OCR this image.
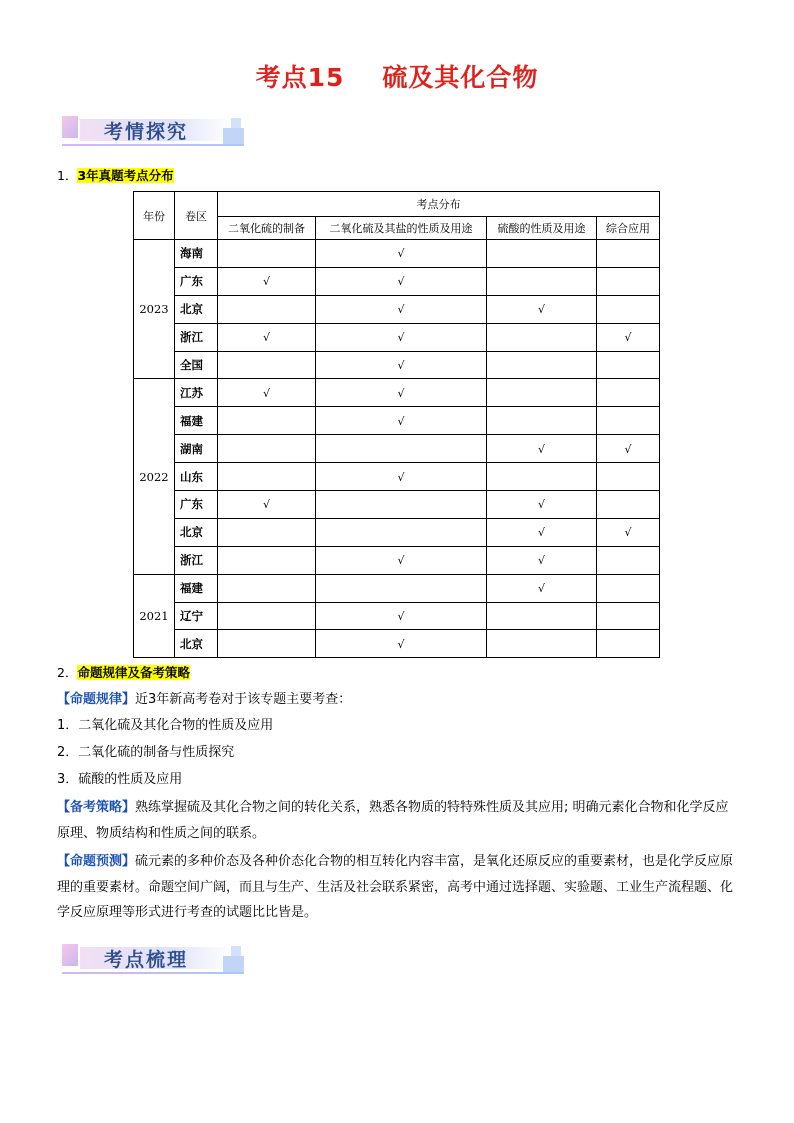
考点15 硫及其化合物
考情探究
1．3年真题考点分布
年份	卷区	考点分布			
		二氧化硫的制备	二氧化硫及其盐的性质及用途	硫酸的性质及用途	综合应用
2023	海南		√		
	广东	√	√		
	北京		√	√	
	浙江	√	√		√
	全国		√		
2022	江苏	√	√		
	福建		√		
	湖南			√	√
	山东		√		
	广东	√		√	
	北京			√	√
	浙江		√	√	
2021	福建			√	
	辽宁		√		
	北京		√		
2．命题规律及备考策略
【命题规律】近3年新高考卷对于该专题主要考查：
1．二氧化硫及其化合物的性质及应用
2．二氧化硫的制备与性质探究
3．硫酸的性质及应用
【备考策略】熟练掌握硫及其化合物之间的转化关系，熟悉各物质的特特殊性质及其应用; 明确元素化合物和化学反应原理、物质结构和性质之间的联系。
【命题预测】硫元素的多种价态及各种价态化合物的相互转化内容丰富，是氧化还原反应的重要素材，也是化学反应原理的重要素材。命题空间广阔，而且与生产、生活及社会联系紧密，高考中通过选择题、实验题、工业生产流程题、化学反应原理等形式进行考查的试题比比皆是。
考点梳理
